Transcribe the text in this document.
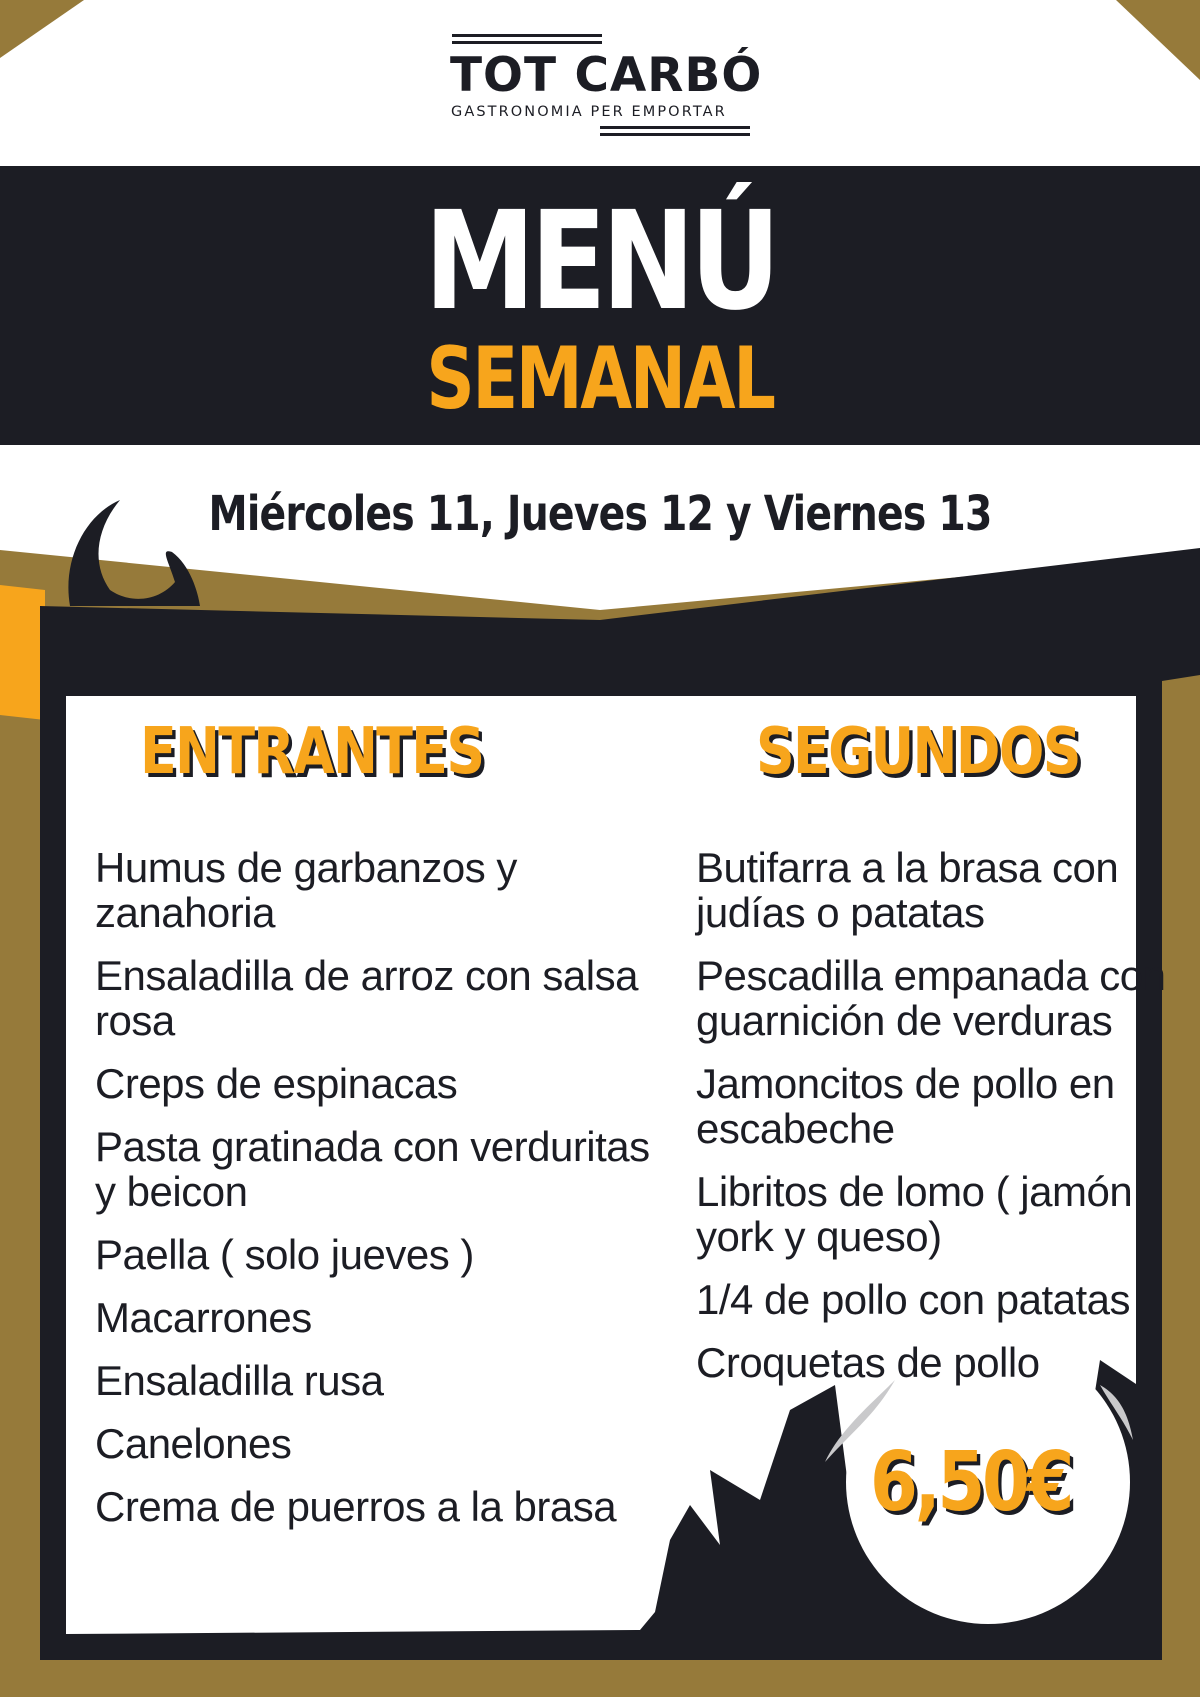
TOT CARBÓ
GASTRONOMIA PER EMPORTAR
MENÚ
SEMANAL
Miércoles 11, Jueves 12 y Viernes 13
ENTRANTES
Humus de garbanzos y zanahoria
Ensaladilla de arroz con salsa rosa
Creps de espinacas
Pasta gratinada con verduritas y beicon
Paella ( solo jueves )
Macarrones
Ensaladilla rusa
Canelones
Crema de puerros a la brasa
SEGUNDOS
Butifarra a la brasa con judías o patatas
Pescadilla empanada con guarnición de verduras
Jamoncitos de pollo en escabeche
Libritos de lomo ( jamón york y queso)
1/4 de pollo con patatas
Croquetas de pollo
6,50€
